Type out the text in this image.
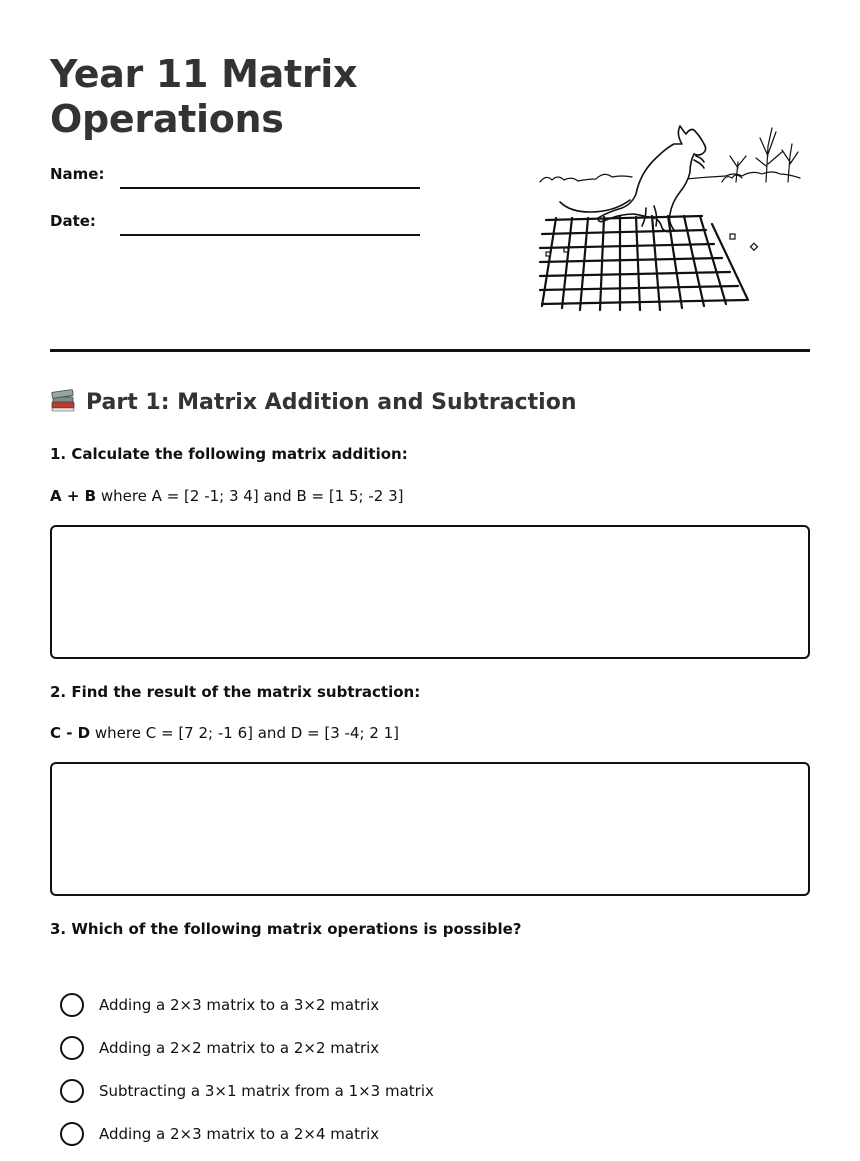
Year 11 Matrix
Operations
Name:
Date:
Part 1: Matrix Addition and Subtraction

1. Calculate the following matrix addition:

A + B where A = [2 -1; 3 4] and B = [1 5; -2 3]

2. Find the result of the matrix subtraction:

C - D where C = [7 2; -1 6] and D = [3 -4; 2 1]

3. Which of the following matrix operations is possible?

Adding a 2×3 matrix to a 3×2 matrix
Adding a 2×2 matrix to a 2×2 matrix
Subtracting a 3×1 matrix from a 1×3 matrix
Adding a 2×3 matrix to a 2×4 matrix
